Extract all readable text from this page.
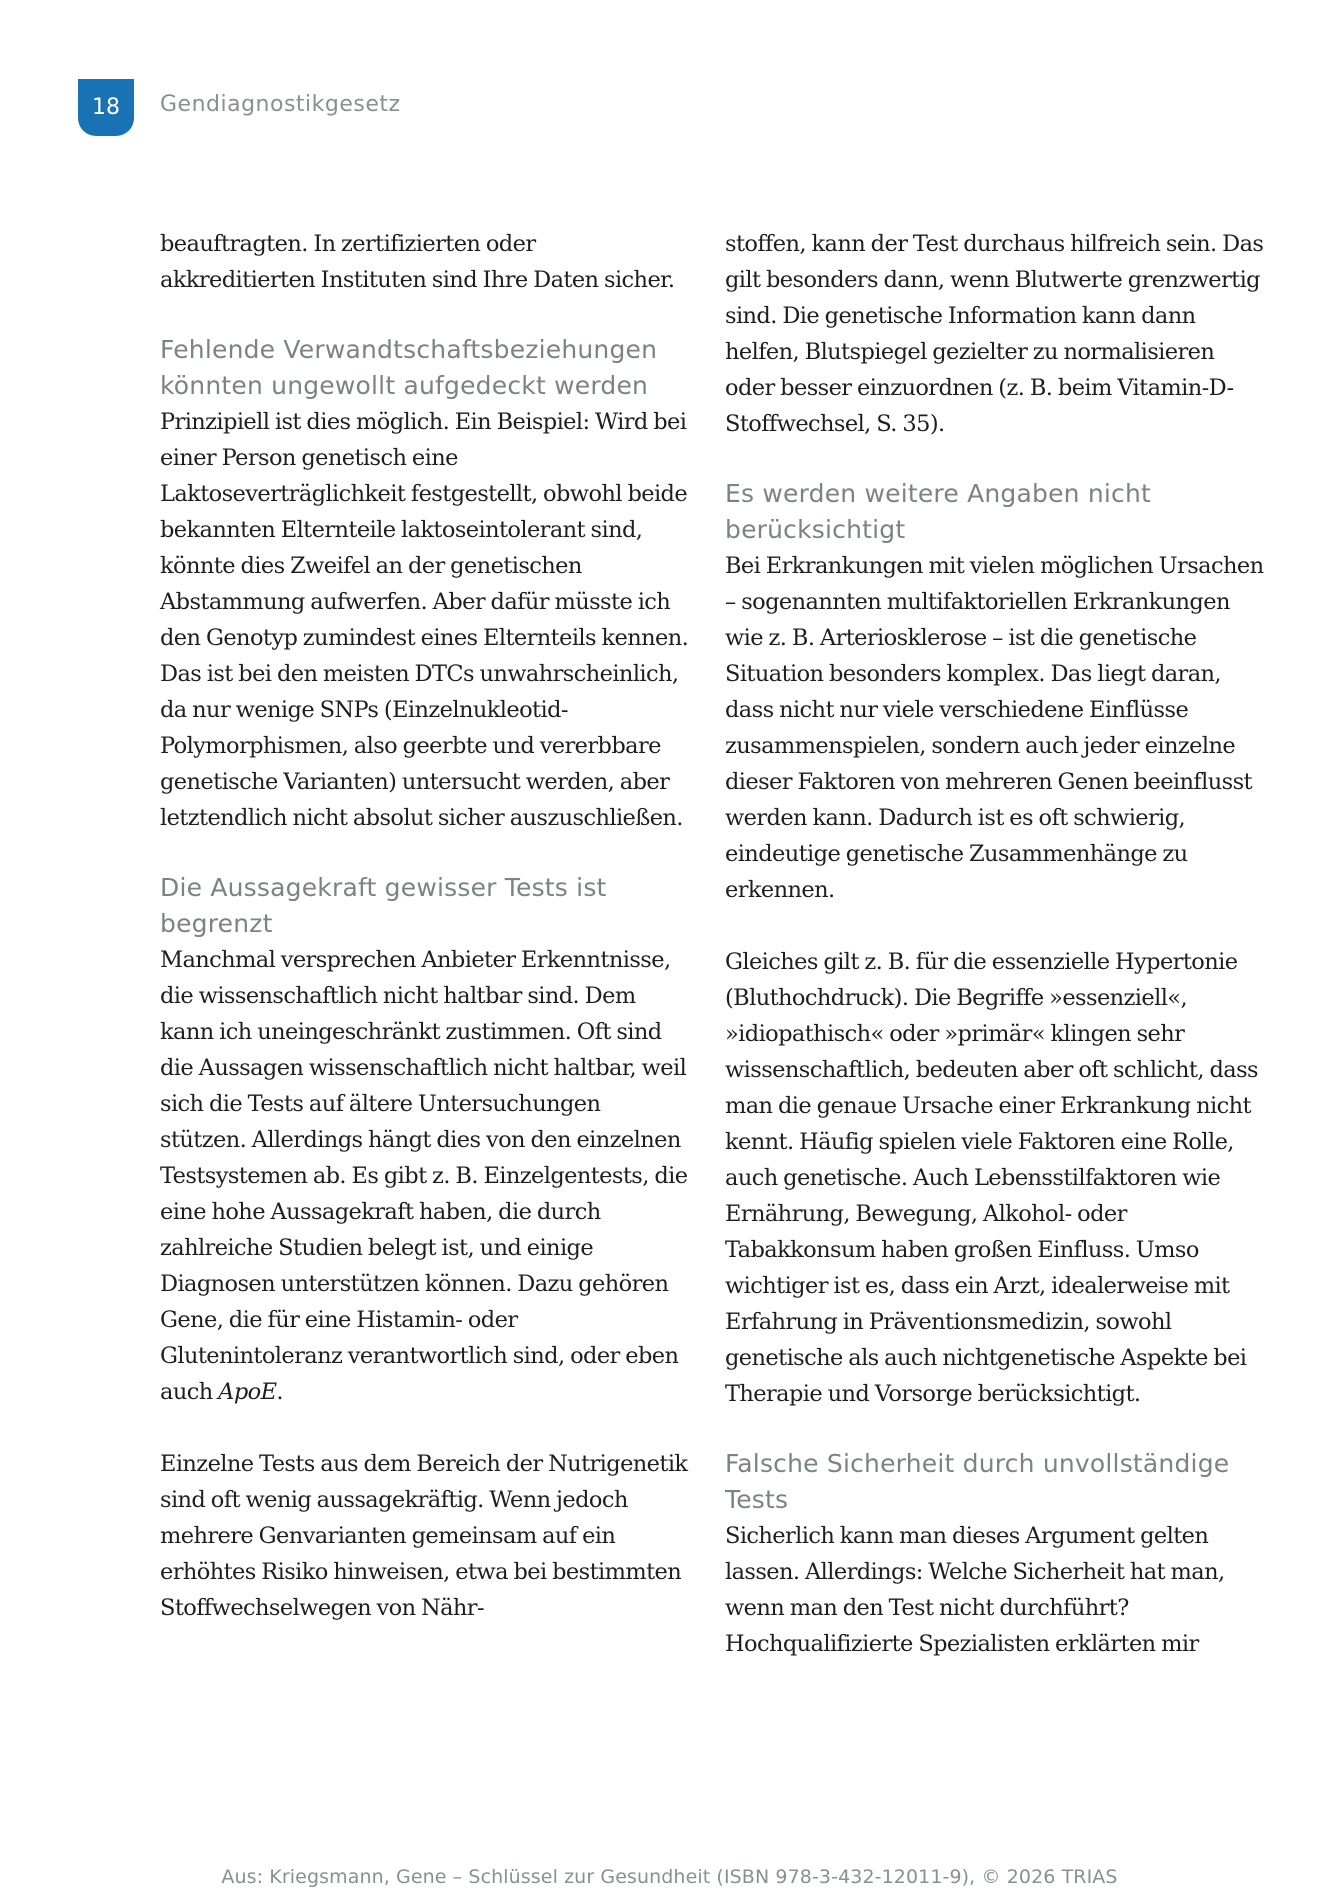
18 Gendiagnostikgesetz

beauftragten. In zertifizierten oder akkreditierten Instituten sind Ihre Daten sicher.

Fehlende Verwandtschaftsbeziehungen könnten ungewollt aufgedeckt werden

Prinzipiell ist dies möglich. Ein Beispiel: Wird bei einer Person genetisch eine Laktoseverträglichkeit festgestellt, obwohl beide bekannten Elternteile laktoseintolerant sind, könnte dies Zweifel an der genetischen Abstammung aufwerfen. Aber dafür müsste ich den Genotyp zumindest eines Elternteils kennen. Das ist bei den meisten DTCs unwahrscheinlich, da nur wenige SNPs (Einzelnukleotid-Polymorphismen, also geerbte und vererbbare genetische Varianten) untersucht werden, aber letztendlich nicht absolut sicher auszuschließen.

Die Aussagekraft gewisser Tests ist begrenzt

Manchmal versprechen Anbieter Erkenntnisse, die wissenschaftlich nicht haltbar sind. Dem kann ich uneingeschränkt zustimmen. Oft sind die Aussagen wissenschaftlich nicht haltbar, weil sich die Tests auf ältere Untersuchungen stützen. Allerdings hängt dies von den einzelnen Testsystemen ab. Es gibt z. B. Einzelgentests, die eine hohe Aussagekraft haben, die durch zahlreiche Studien belegt ist, und einige Diagnosen unterstützen können. Dazu gehören Gene, die für eine Histamin- oder Glutenintoleranz verantwortlich sind, oder eben auch ApoE.

Einzelne Tests aus dem Bereich der Nutrigenetik sind oft wenig aussagekräftig. Wenn jedoch mehrere Genvarianten gemeinsam auf ein erhöhtes Risiko hinweisen, etwa bei bestimmten Stoffwechselwegen von Nähr-

stoffen, kann der Test durchaus hilfreich sein. Das gilt besonders dann, wenn Blutwerte grenzwertig sind. Die genetische Information kann dann helfen, Blutspiegel gezielter zu normalisieren oder besser einzuordnen (z. B. beim Vitamin-D-Stoffwechsel, S. 35).

Es werden weitere Angaben nicht berücksichtigt

Bei Erkrankungen mit vielen möglichen Ursachen – sogenannten multifaktoriellen Erkrankungen wie z. B. Arteriosklerose – ist die genetische Situation besonders komplex. Das liegt daran, dass nicht nur viele verschiedene Einflüsse zusammenspielen, sondern auch jeder einzelne dieser Faktoren von mehreren Genen beeinflusst werden kann. Dadurch ist es oft schwierig, eindeutige genetische Zusammenhänge zu erkennen.

Gleiches gilt z. B. für die essenzielle Hypertonie (Bluthochdruck). Die Begriffe »essenziell«, »idiopathisch« oder »primär« klingen sehr wissenschaftlich, bedeuten aber oft schlicht, dass man die genaue Ursache einer Erkrankung nicht kennt. Häufig spielen viele Faktoren eine Rolle, auch genetische. Auch Lebensstilfaktoren wie Ernährung, Bewegung, Alkohol- oder Tabakkonsum haben großen Einfluss. Umso wichtiger ist es, dass ein Arzt, idealerweise mit Erfahrung in Präventionsmedizin, sowohl genetische als auch nichtgenetische Aspekte bei Therapie und Vorsorge berücksichtigt.

Falsche Sicherheit durch unvollständige Tests

Sicherlich kann man dieses Argument gelten lassen. Allerdings: Welche Sicherheit hat man, wenn man den Test nicht durchführt? Hochqualifizierte Spezialisten erklärten mir

Aus: Kriegsmann, Gene – Schlüssel zur Gesundheit (ISBN 978-3-432-12011-9), © 2026 TRIAS
